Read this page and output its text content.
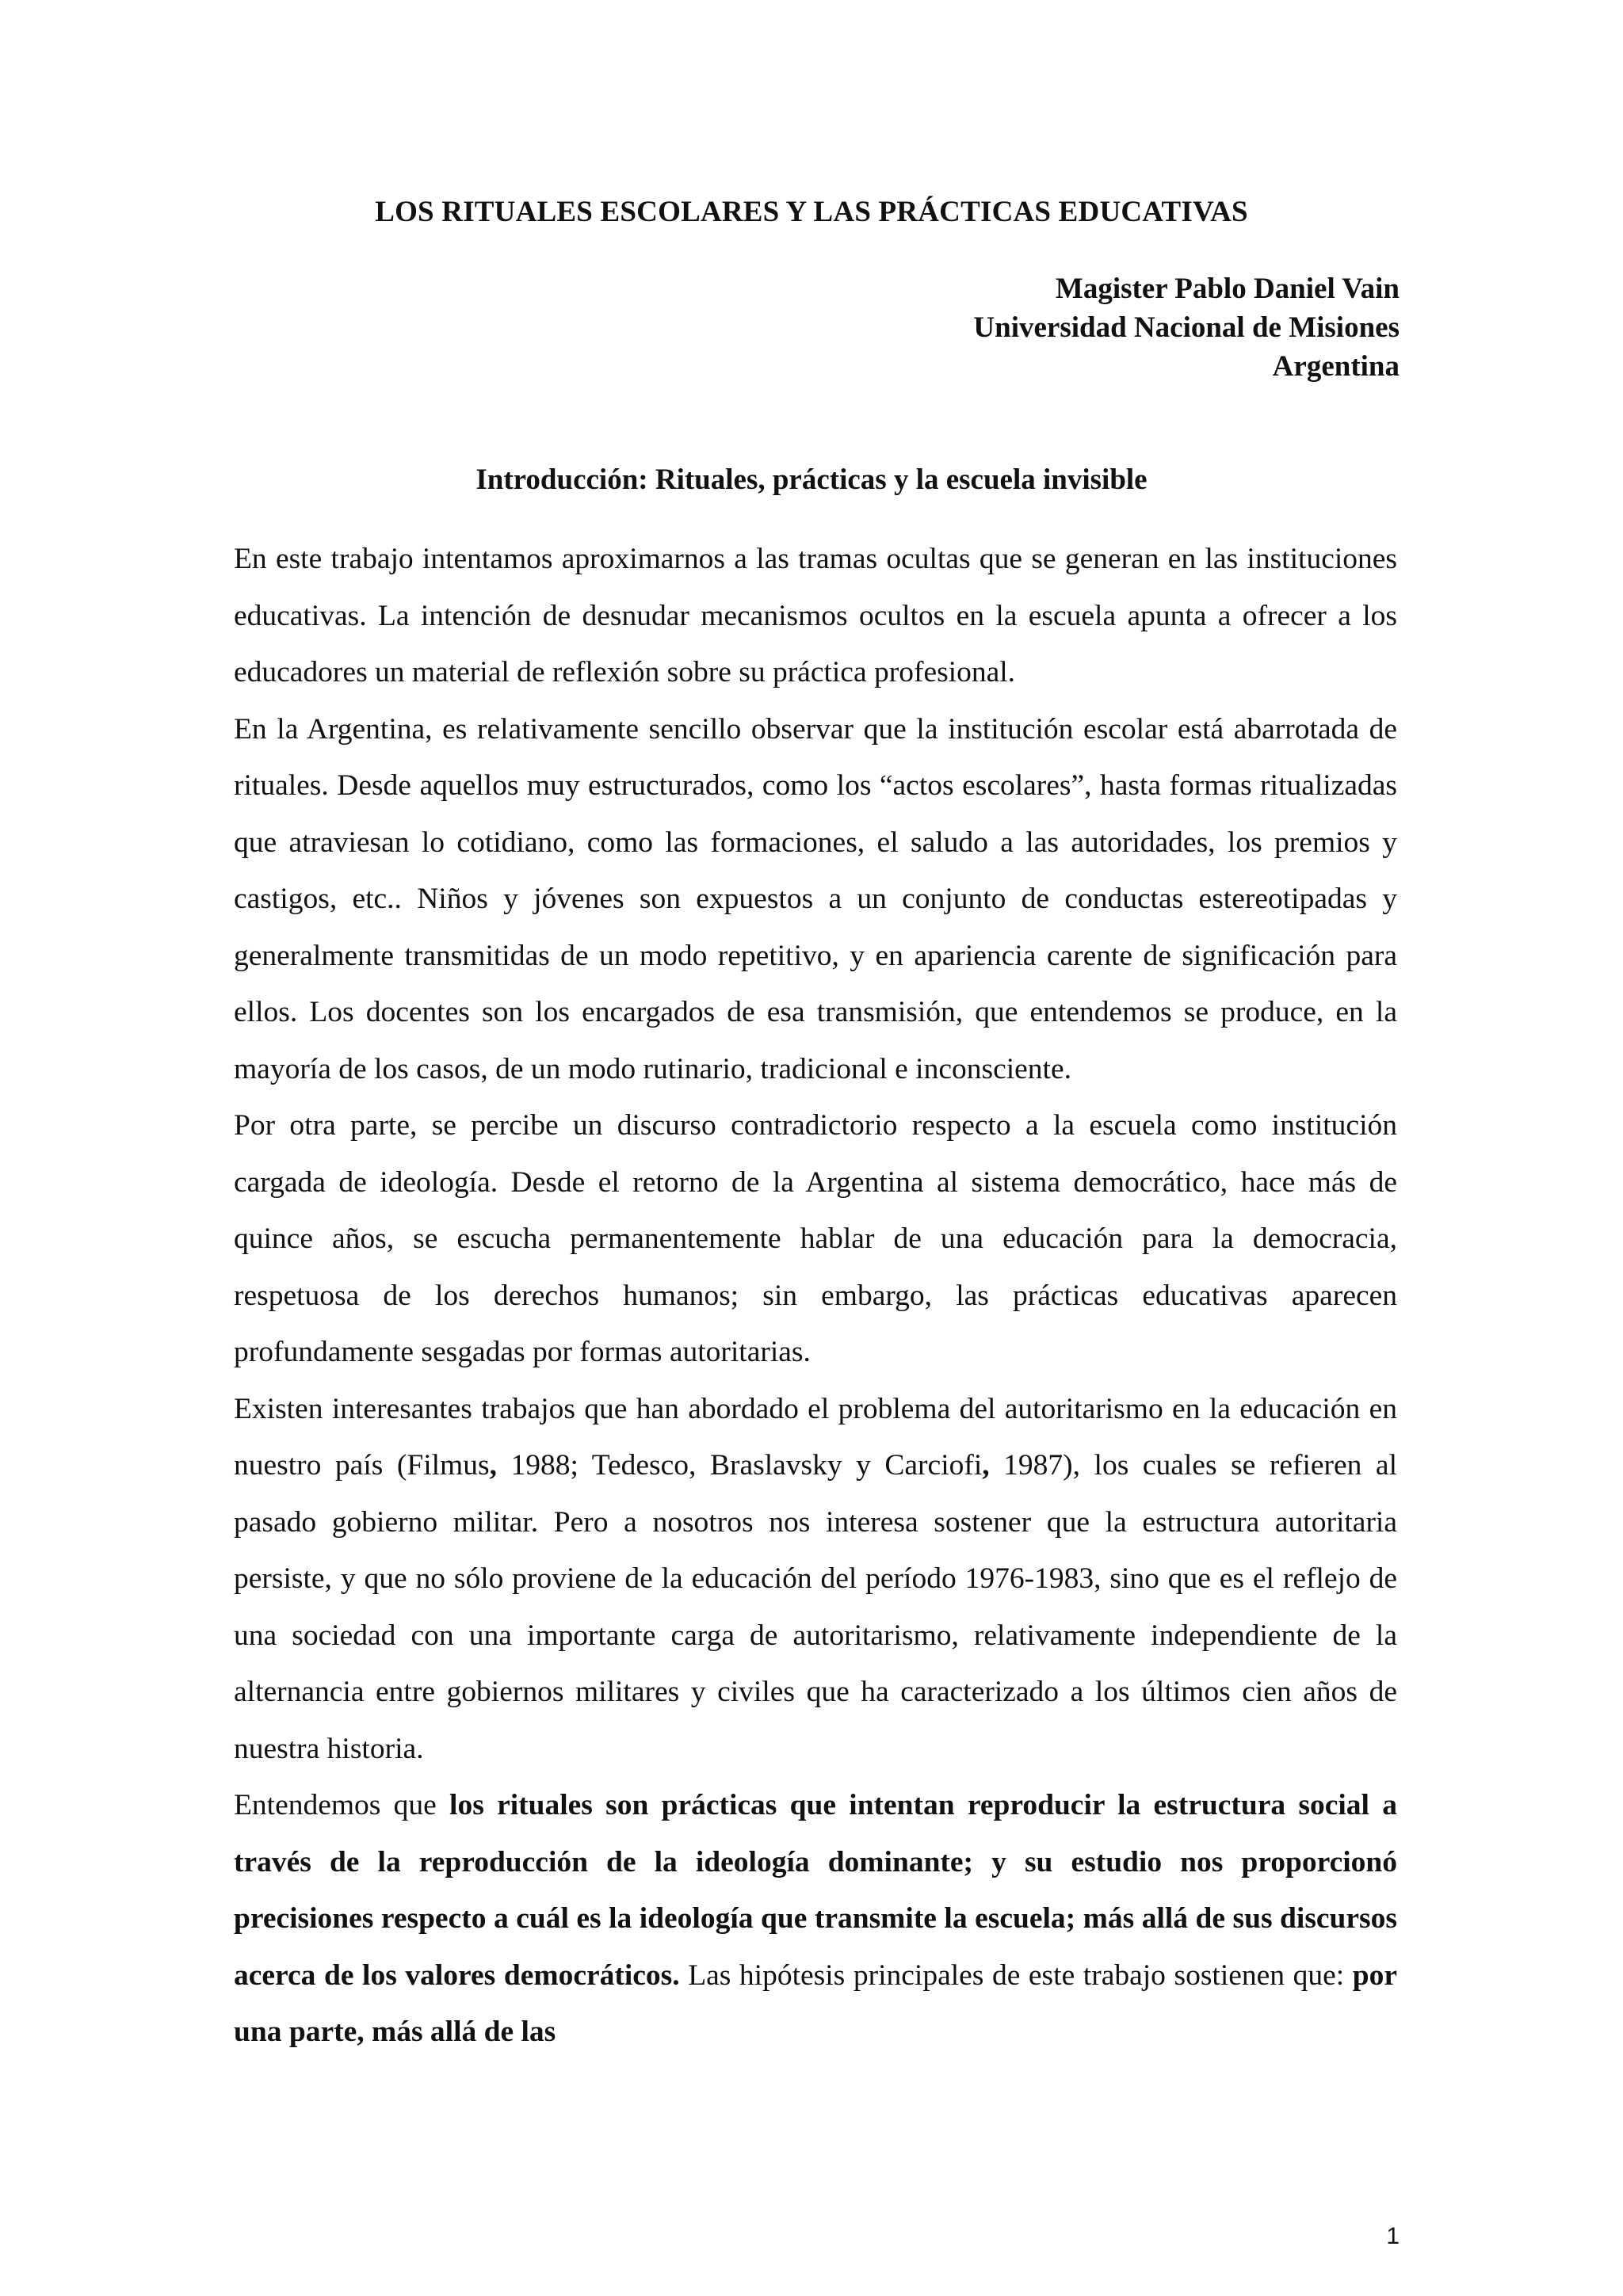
LOS RITUALES ESCOLARES Y LAS PRÁCTICAS EDUCATIVAS
Magister Pablo Daniel Vain
Universidad Nacional de Misiones
Argentina
Introducción: Rituales, prácticas y la escuela invisible

En este trabajo intentamos aproximarnos a las tramas ocultas que se generan en las instituciones educativas. La intención de desnudar mecanismos ocultos en la escuela apunta a ofrecer a los educadores un material de reflexión sobre su práctica profesional.

En la Argentina, es relativamente sencillo observar que la institución escolar está abarrotada de rituales. Desde aquellos muy estructurados, como los “actos escolares”, hasta formas ritualizadas que atraviesan lo cotidiano, como las formaciones, el saludo a las autoridades, los premios y castigos, etc.. Niños y jóvenes son expuestos a un conjunto de conductas estereotipadas y generalmente transmitidas de un modo repetitivo, y en apariencia carente de significación para ellos. Los docentes son los encargados de esa transmisión, que entendemos se produce, en la mayoría de los casos, de un modo rutinario, tradicional e inconsciente.

Por otra parte, se percibe un discurso contradictorio respecto a la escuela como institución cargada de ideología. Desde el retorno de la Argentina al sistema democrático, hace más de quince años, se escucha permanentemente hablar de una educación para la democracia, respetuosa de los derechos humanos; sin embargo, las prácticas educativas aparecen profundamente sesgadas por formas autoritarias.

Existen interesantes trabajos que han abordado el problema del autoritarismo en la educación en nuestro país (Filmus, 1988; Tedesco, Braslavsky y Carciofi, 1987), los cuales se refieren al pasado gobierno militar. Pero a nosotros nos interesa sostener que la estructura autoritaria persiste, y que no sólo proviene de la educación del período 1976-1983, sino que es el reflejo de una sociedad con una importante carga de autoritarismo, relativamente independiente de la alternancia entre gobiernos militares y civiles que ha caracterizado a los últimos cien años de nuestra historia.

Entendemos que los rituales son prácticas que intentan reproducir la estructura social a través de la reproducción de la ideología dominante; y su estudio nos proporcionó precisiones respecto a cuál es la ideología que transmite la escuela; más allá de sus discursos acerca de los valores democráticos. Las hipótesis principales de este trabajo sostienen que: por una parte, más allá de las

1
